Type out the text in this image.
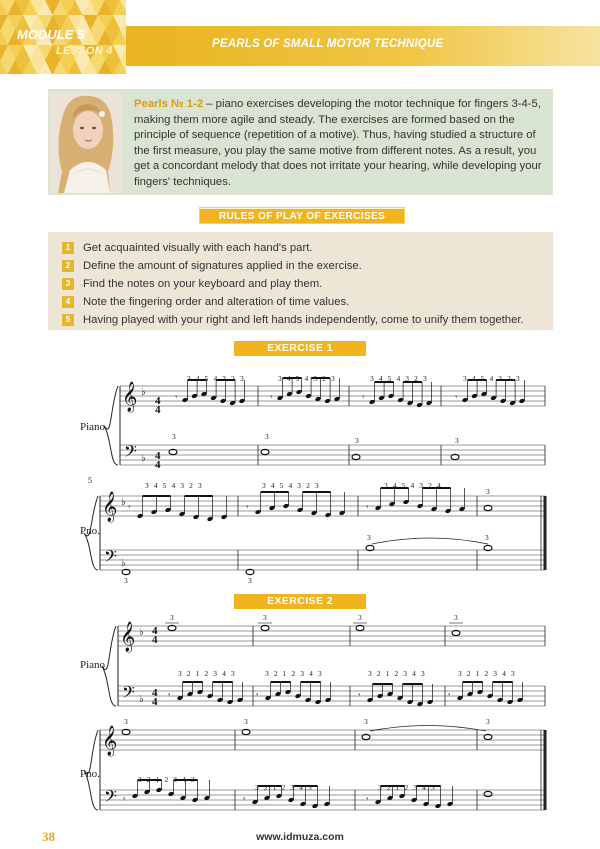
MODULE 5
LESSON 4
PEARLS OF SMALL MOTOR TECHNIQUE
Pearls № 1-2 – piano exercises developing the motor technique for fingers 3-4-5, making them more agile and steady. The exercises are formed based on the principle of sequence (repetition of a motive). Thus, having studied a structure of the first measure, you play the same motive from different notes. As a result, you get a concordant melody that does not irritate your hearing, while developing your fingers' techniques.
RULES OF PLAY OF EXERCISES
1 Get acquainted visually with each hand's part.
2 Define the amount of signatures applied in the exercise.
3 Find the notes on your keyboard and play them.
4 Note the fingering order and alteration of time values.
5 Having played with your right and left hands independently, come to unify them together.
EXERCISE 1
𝄞
𝄢
♭
♭
𝄾	𝄾	𝄾	𝄾
3	3	3	3
𝄞
𝄢
♭
♭
𝄾	𝄾	𝄾
3	3
3	3
3
Piano
Pno.
5
4
4
4
4
3 4 5 4 3 2 3	3 4 5 4 3 2 3	3 4 5 4 3 2 3	3 4 5 4 3 2 3
3 4 5 4 3 2 3	3 4 5 4 3 2 3	3 4 5 4 3 2 4
EXERCISE 2
𝄞
𝄢
♭
♭
3	3	3	3
𝄾	𝄾	𝄾	𝄾
𝄞
𝄢
3	3	3	3
𝄾	𝄾	𝄾
Piano
Pno.
4
4
4
4
3 2 1 2 3 4 3	3 2 1 2 3 4 3	3 2 1 2 3 4 3	3 2 1 2 3 4 3
3 2 1 2 3 4 3
3 2 1 2 3 4 3	3 2 1 2 3 4 3
38	www.idmuza.com
